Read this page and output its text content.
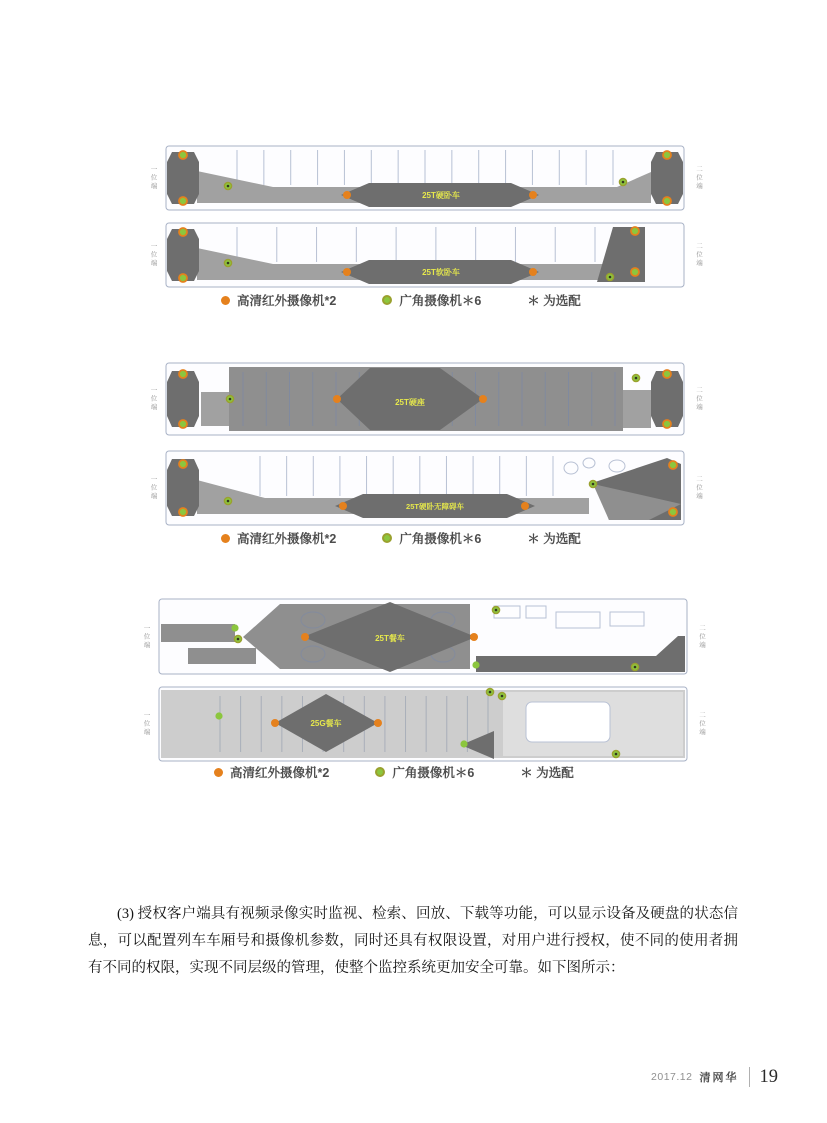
一位端
25T硬卧车
二位端
一位端
25T软卧车
二位端
一位端	25T硬座	二位端
一位端
25T硬卧无障碍车
二位端
一位端	25T餐车	二位端
一位端	25G餐车	二位端
高清红外摄像机*2	广角摄像机＊6	＊ 为选配
高清红外摄像机*2	广角摄像机＊6	＊ 为选配
高清红外摄像机*2	广角摄像机＊6	＊ 为选配

(3) 授权客户端具有视频录像实时监视、检索、回放、下载等功能，可以显示设备及硬盘的状态信息，可以配置列车车厢号和摄像机参数，同时还具有权限设置，对用户进行授权，使不同的使用者拥有不同的权限，实现不同层级的管理，使整个监控系统更加安全可靠。如下图所示：

2017.12 清网华 19
